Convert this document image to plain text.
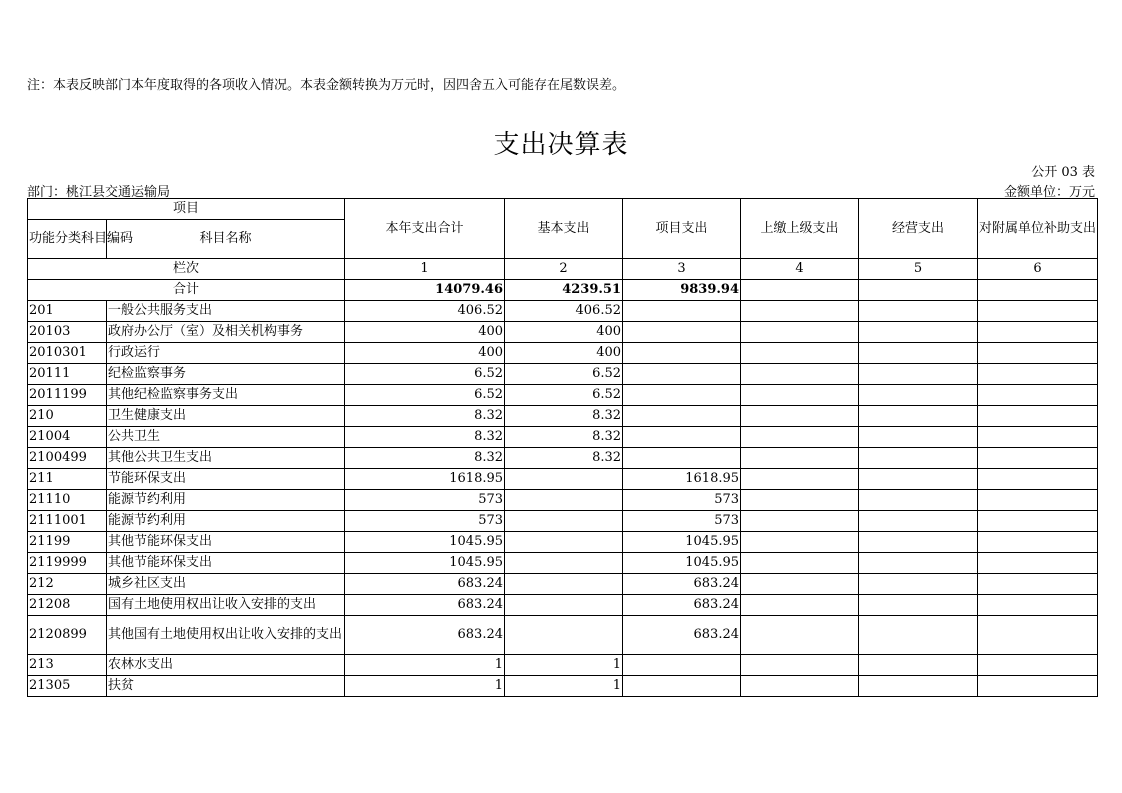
注：本表反映部门本年度取得的各项收入情况。本表金额转换为万元时，因四舍五入可能存在尾数误差。
支出决算表
公开 03 表
部门：桃江县交通运输局	金额单位：万元
项目		本年支出合计	基本支出	项目支出	上缴上级支出	经营支出	对附属单位补助支出
功能分类科目编码	科目名称						
栏次		1	2	3	4	5	6
合计		14079.46	4239.51	9839.94			
201	一般公共服务支出	406.52	406.52				
20103	政府办公厅（室）及相关机构事务	400	400				
2010301	行政运行	400	400				
20111	纪检监察事务	6.52	6.52				
2011199	其他纪检监察事务支出	6.52	6.52				
210	卫生健康支出	8.32	8.32				
21004	公共卫生	8.32	8.32				
2100499	其他公共卫生支出	8.32	8.32				
211	节能环保支出	1618.95		1618.95			
21110	能源节约利用	573		573			
2111001	能源节约利用	573		573			
21199	其他节能环保支出	1045.95		1045.95			
2119999	其他节能环保支出	1045.95		1045.95			
212	城乡社区支出	683.24		683.24			
21208	国有土地使用权出让收入安排的支出	683.24		683.24			
2120899	其他国有土地使用权出让收入安排的支出	683.24		683.24			
213	农林水支出	1	1				
21305	扶贫	1	1				
